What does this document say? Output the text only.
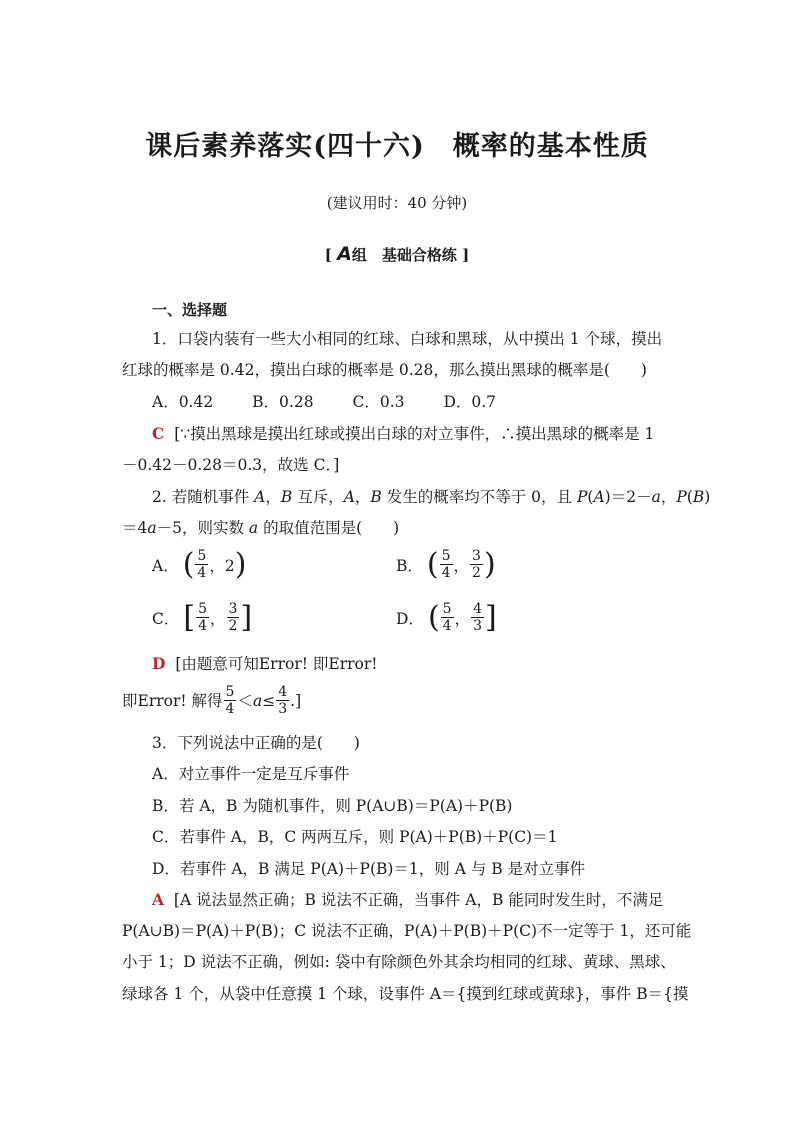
课后素养落实(四十六) 概率的基本性质
(建议用时：40 分钟)
[ A组　基础合格练 ]
一、选择题
1．口袋内装有一些大小相同的红球、白球和黑球，从中摸出 1 个球，摸出
红球的概率是 0.42，摸出白球的概率是 0.28，那么摸出黑球的概率是(　　)
A．0.42	B．0.28	C．0.3	D．0.7
C [∵摸出黑球是摸出红球或摸出白球的对立事件，∴摸出黑球的概率是 1
－0.42－0.28＝0.3，故选 C．]
2. 若随机事件 A，B 互斥，A，B 发生的概率均不等于 0，且 P(A)＝2－a，P(B)
＝4a－5，则实数 a 的取值范围是(　　)
A． ( $\frac{5}{4}$ ，2 )	B． ( $\frac{5}{4}$ ， $\frac{3}{2}$ )
C． [ $\frac{5}{4}$ ， $\frac{3}{2}$ ]	D． ( $\frac{5}{4}$ ， $\frac{4}{3}$ ]
D [由题意可知Error! 即Error!
即Error! 解得 $\frac{5}{4} < a \le \frac{4}{3}$ .]
3．下列说法中正确的是(　　)
A．对立事件一定是互斥事件
B．若 A，B 为随机事件，则 P(A∪B)＝P(A)＋P(B)
C．若事件 A，B，C 两两互斥，则 P(A)＋P(B)＋P(C)＝1
D．若事件 A，B 满足 P(A)＋P(B)＝1，则 A 与 B 是对立事件
A [A 说法显然正确；B 说法不正确，当事件 A，B 能同时发生时，不满足
P(A∪B)＝P(A)＋P(B)；C 说法不正确，P(A)＋P(B)＋P(C)不一定等于 1，还可能
小于 1；D 说法不正确，例如: 袋中有除颜色外其余均相同的红球、黄球、黑球、
绿球各 1 个，从袋中任意摸 1 个球，设事件 A＝{摸到红球或黄球}，事件 B＝{摸
